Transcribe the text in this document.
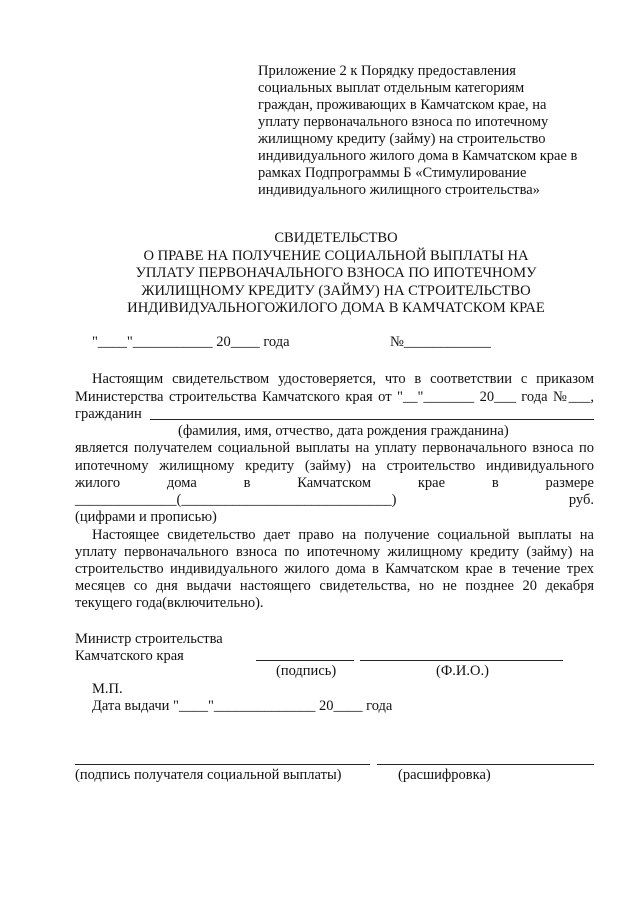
Приложение 2 к Порядку предоставления
социальных выплат отдельным категориям
граждан, проживающих в Камчатском крае, на
уплату первоначального взноса по ипотечному
жилищному кредиту (займу) на строительство
индивидуального жилого дома в Камчатском крае в
рамках Подпрограммы Б «Стимулирование
индивидуального жилищного строительства»
СВИДЕТЕЛЬСТВО
О ПРАВЕ НА ПОЛУЧЕНИЕ СОЦИАЛЬНОЙ ВЫПЛАТЫ НА
УПЛАТУ ПЕРВОНАЧАЛЬНОГО ВЗНОСА ПО ИПОТЕЧНОМУ
ЖИЛИЩНОМУ КРЕДИТУ (ЗАЙМУ) НА СТРОИТЕЛЬСТВО
ИНДИВИДУАЛЬНОГОЖИЛОГО ДОМА В КАМЧАТСКОМ КРАЕ
"____"___________ 20____ года	№____________
Настоящим свидетельством удостоверяется, что в соответствии с приказом
Министерства строительства Камчатского края от "__"_______ 20___ года №___,
гражданин
(фамилия, имя, отчество, дата рождения гражданина)
является получателем социальной выплаты на уплату первоначального взноса по
ипотечному жилищному кредиту (займу) на строительство индивидуального
жилого дома в Камчатском крае в размере
______________(_____________________________) руб.
(цифрами и прописью)
Настоящее свидетельство дает право на получение социальной выплаты на
уплату первоначального взноса по ипотечному жилищному кредиту (займу) на
строительство индивидуального жилого дома в Камчатском крае в течение трех
месяцев со дня выдачи настоящего свидетельства, но не позднее 20 декабря
текущего года(включительно).
Министр строительства
Камчатского края
(подпись)	(Ф.И.О.)
М.П.
Дата выдачи "____"______________ 20____ года
(подпись получателя социальной выплаты)	(расшифровка)
